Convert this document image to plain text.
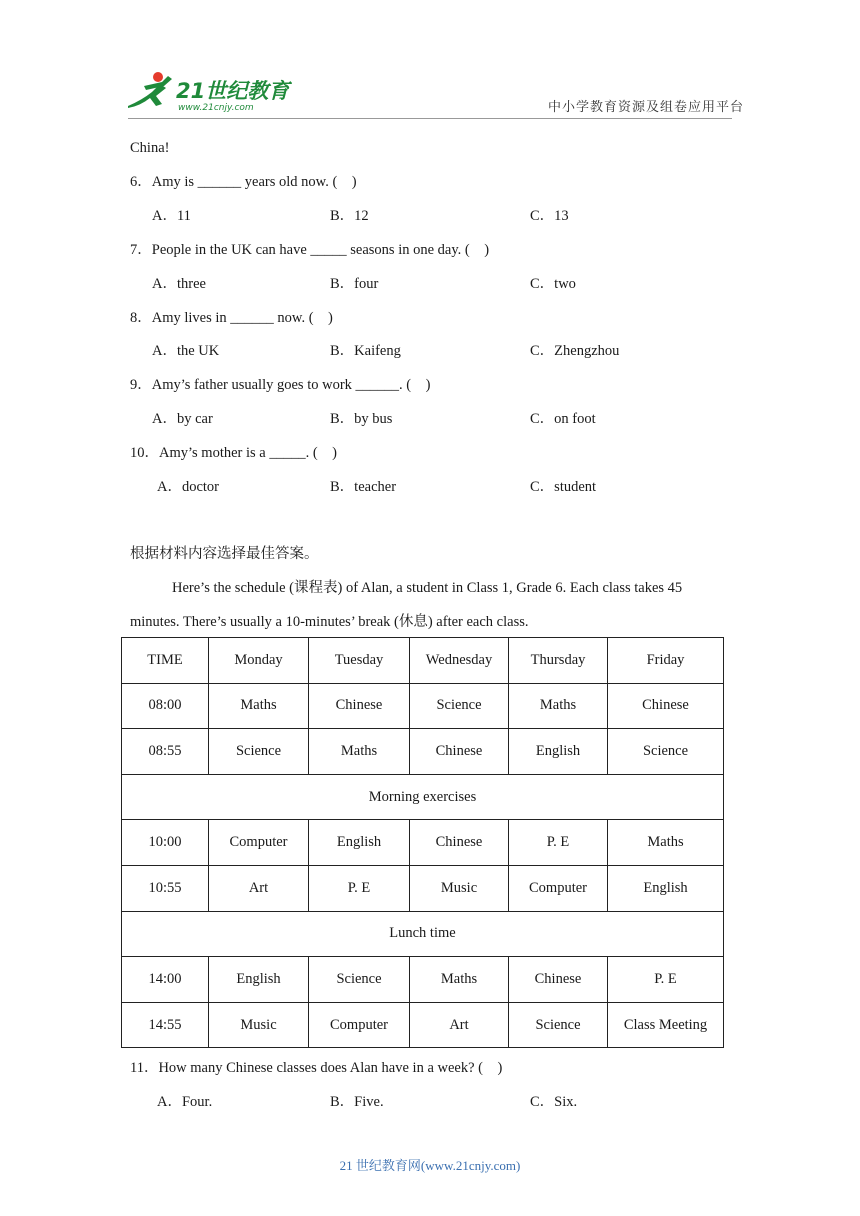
21世纪教育
www.21cnjy.com	中小学教育资源及组卷应用平台
China!
6．Amy is ______ years old now. (　)
A．11	B．12	C．13
7．People in the UK can have _____ seasons in one day. (　)
A．three	B．four	C．two
8．Amy lives in ______ now. (　)
A．the UK	B．Kaifeng	C．Zhengzhou
9．Amy’s father usually goes to work ______. (　)
A．by car	B．by bus	C．on foot
10．Amy’s mother is a _____. (　)
A．doctor	B．teacher	C．student
根据材料内容选择最佳答案。
Here’s the schedule (课程表) of Alan, a student in Class 1, Grade 6. Each class takes 45
minutes. There’s usually a 10-minutes’ break (休息) after each class.
TIME	Monday	Tuesday	Wednesday	Thursday	Friday
08:00	Maths	Chinese	Science	Maths	Chinese
08:55	Science	Maths	Chinese	English	Science
Morning exercises					
10:00	Computer	English	Chinese	P. E	Maths
10:55	Art	P. E	Music	Computer	English
Lunch time					
14:00	English	Science	Maths	Chinese	P. E
14:55	Music	Computer	Art	Science	Class Meeting
11．How many Chinese classes does Alan have in a week? (　)
A．Four.	B．Five.	C．Six.
21 世纪教育网(www.21cnjy.com)
